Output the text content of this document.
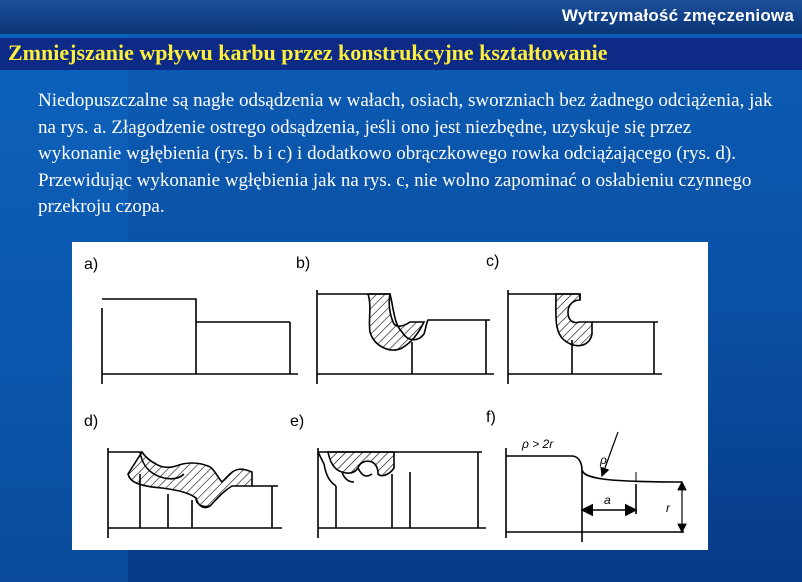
Wytrzymałość zmęczeniowa
Zmniejszanie wpływu karbu przez konstrukcyjne kształtowanie
Niedopuszczalne są nagłe odsądzenia w wałach, osiach, sworzniach bez żadnego odciążenia, jak na rys. a. Złagodzenie ostrego odsądzenia, jeśli ono jest niezbędne, uzyskuje się przez wykonanie wgłębienia (rys. b i c) i dodatkowo obrączkowego rowka odciążającego (rys. d). Przewidując wykonanie wgłębienia jak na rys. c, nie wolno zapominać o osłabieniu czynnego przekroju czopa.
a)	b)	c)
d)	e)	f)
ρ > 2r
ρ
a
r
